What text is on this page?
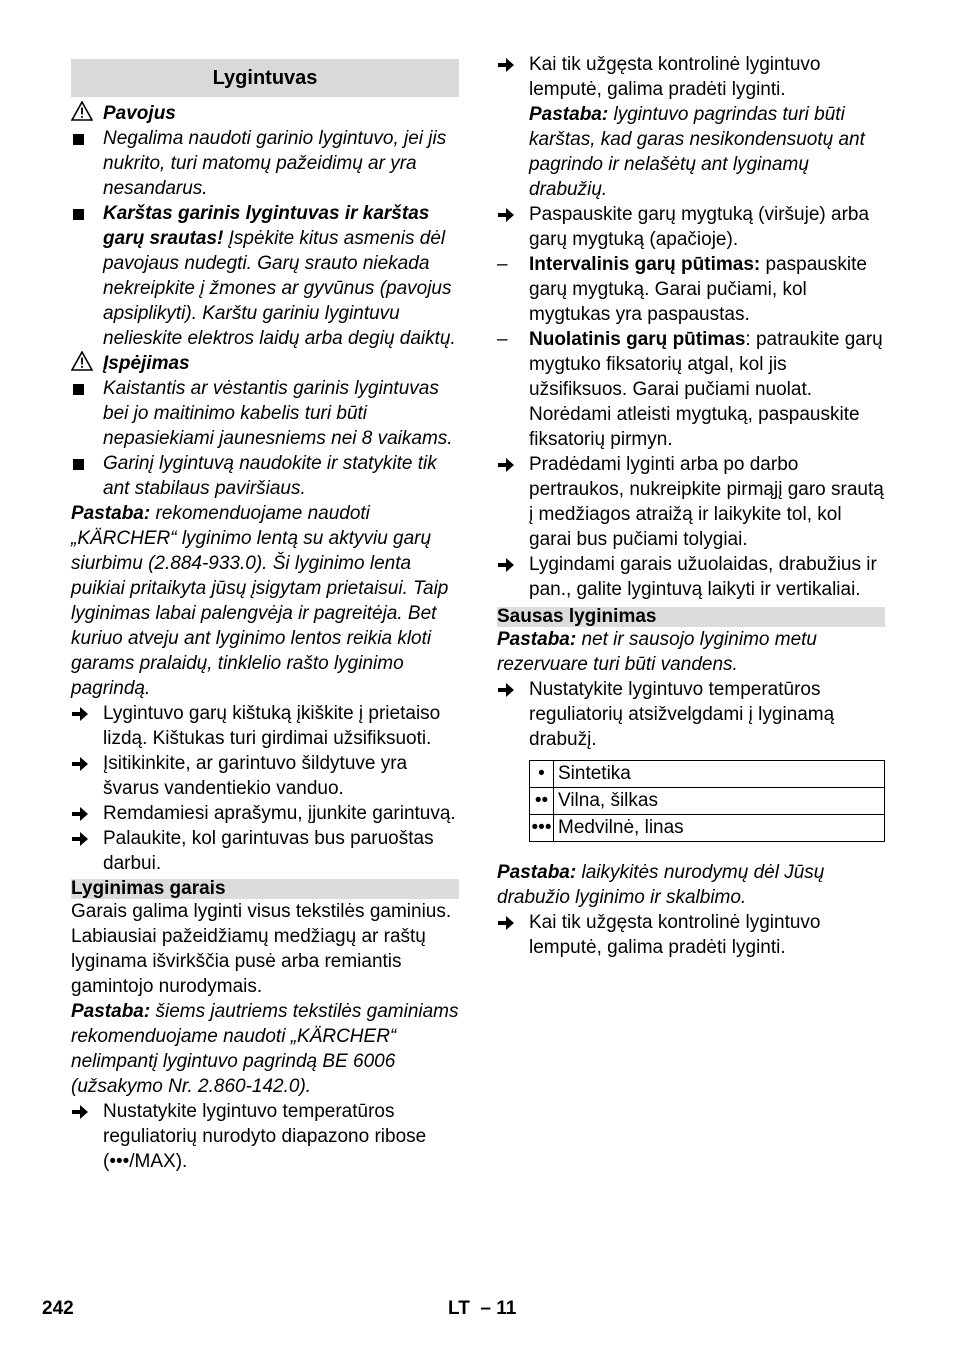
Lygintuvas

Pavojus

Negalima naudoti garinio lygintuvo, jei jis nukrito, turi matomų pažeidimų ar yra nesandarus.
Karštas garinis lygintuvas ir karštas garų srautas! Įspėkite kitus asmenis dėl pavojaus nudegti. Garų srauto niekada nekreipkite į žmones ar gyvūnus (pavojus apsiplikyti). Karštu gariniu lygintuvu nelieskite elektros laidų arba degių daiktų.

Įspėjimas

Kaistantis ar vėstantis garinis lygintuvas bei jo maitinimo kabelis turi būti nepasiekiami jaunesniems nei 8 vaikams.
Garinį lygintuvą naudokite ir statykite tik ant stabilaus paviršiaus.

Pastaba: rekomenduojame naudoti „KÄRCHER“ lyginimo lentą su aktyviu garų siurbimu (2.884-933.0). Ši lyginimo lenta puikiai pritaikyta jūsų įsigytam prietaisui. Taip lyginimas labai palengvėja ir pagreitėja. Bet kuriuo atveju ant lyginimo lentos reikia kloti garams pralaidų, tinklelio rašto lyginimo pagrindą.

Lygintuvo garų kištuką įkiškite į prietaiso lizdą. Kištukas turi girdimai užsifiksuoti.
Įsitikinkite, ar garintuvo šildytuve yra švarus vandentiekio vanduo.
Remdamiesi aprašymu, įjunkite garintuvą.
Palaukite, kol garintuvas bus paruoštas darbui.
Lyginimas garais

Garais galima lyginti visus tekstilės gaminius. Labiausiai pažeidžiamų medžiagų ar raštų lyginama išvirkščia pusė arba remiantis gamintojo nurodymais.

Pastaba: šiems jautriems tekstilės gaminiams rekomenduojame naudoti „KÄRCHER“ nelimpantį lygintuvo pagrindą BE 6006 (užsakymo Nr. 2.860-142.0).

Nustatykite lygintuvo temperatūros reguliatorių nurodyto diapazono ribose (•••/MAX).
Kai tik užgęsta kontrolinė lygintuvo lemputė, galima pradėti lyginti.

Pastaba: lygintuvo pagrindas turi būti karštas, kad garas nesikondensuotų ant pagrindo ir nelašėtų ant lyginamų drabužių.

Paspauskite garų mygtuką (viršuje) arba garų mygtuką (apačioje).
–	Intervalinis garų pūtimas: paspauskite garų mygtuką. Garai pučiami, kol mygtukas yra paspaustas.
–	Nuolatinis garų pūtimas: patraukite garų mygtuko fiksatorių atgal, kol jis užsifiksuos. Garai pučiami nuolat. Norėdami atleisti mygtuką, paspauskite fiksatorių pirmyn.
Pradėdami lyginti arba po darbo pertraukos, nukreipkite pirmąjį garo srautą į medžiagos atraižą ir laikykite tol, kol garai bus pučiami tolygiai.
Lygindami garais užuolaidas, drabužius ir pan., galite lygintuvą laikyti ir vertikaliai.
Sausas lyginimas

Pastaba: net ir sausojo lyginimo metu rezervuare turi būti vandens.

Nustatykite lygintuvo temperatūros reguliatorių atsižvelgdami į lyginamą drabužį.
•	Sintetika
••	Vilna, šilkas
•••	Medvilnė, linas

Pastaba: laikykitės nurodymų dėl Jūsų drabužio lyginimo ir skalbimo.

Kai tik užgęsta kontrolinė lygintuvo lemputė, galima pradėti lyginti.
242	LT – 11
